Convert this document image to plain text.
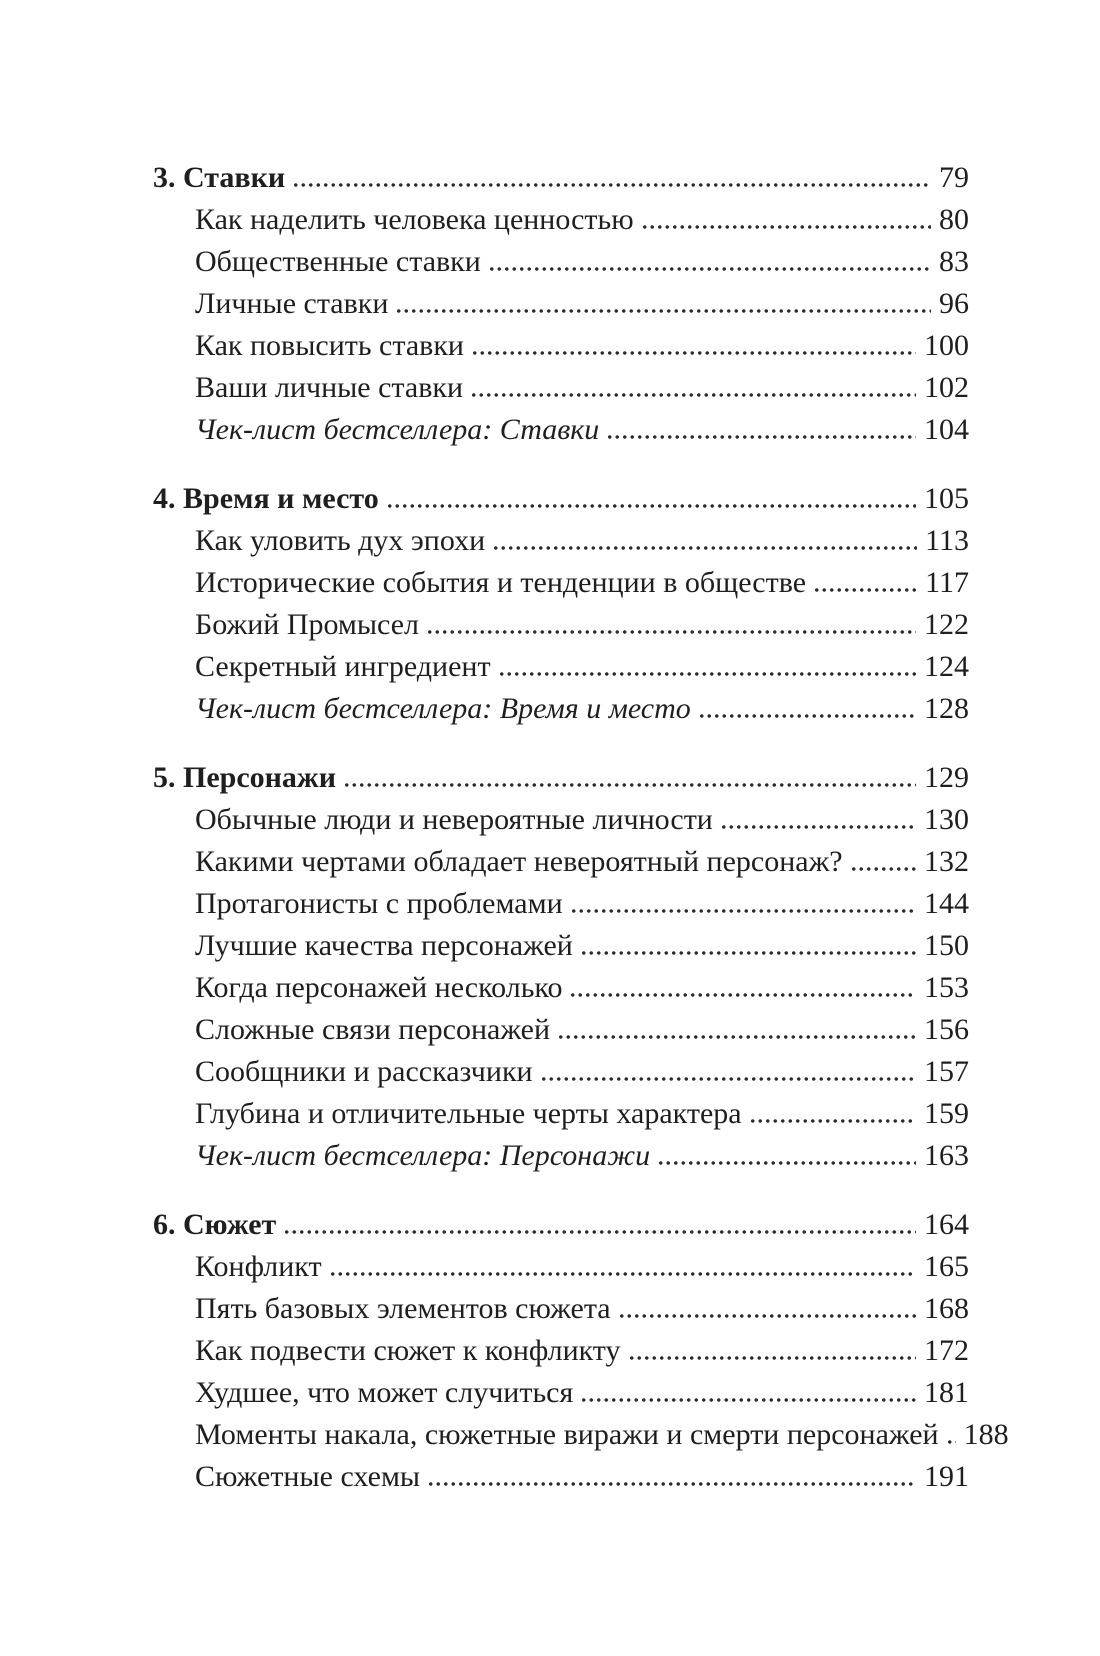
3. Ставки	79
Как наделить человека ценностью	80
Общественные ставки	83
Личные ставки	96
Как повысить ставки	100
Ваши личные ставки	102
Чек-лист бестселлера: Ставки	104
4. Время и место	105
Как уловить дух эпохи	113
Исторические события и тенденции в обществе	117
Божий Промысел	122
Секретный ингредиент	124
Чек-лист бестселлера: Время и место	128
5. Персонажи	129
Обычные люди и невероятные личности	130
Какими чертами обладает невероятный персонаж?	132
Протагонисты с проблемами	144
Лучшие качества персонажей	150
Когда персонажей несколько	153
Сложные связи персонажей	156
Сообщники и рассказчики	157
Глубина и отличительные черты характера	159
Чек-лист бестселлера: Персонажи	163
6. Сюжет	164
Конфликт	165
Пять базовых элементов сюжета	168
Как подвести сюжет к конфликту	172
Худшее, что может случиться	181
Моменты накала, сюжетные виражи и смерти персонажей 188
Сюжетные схемы	191
